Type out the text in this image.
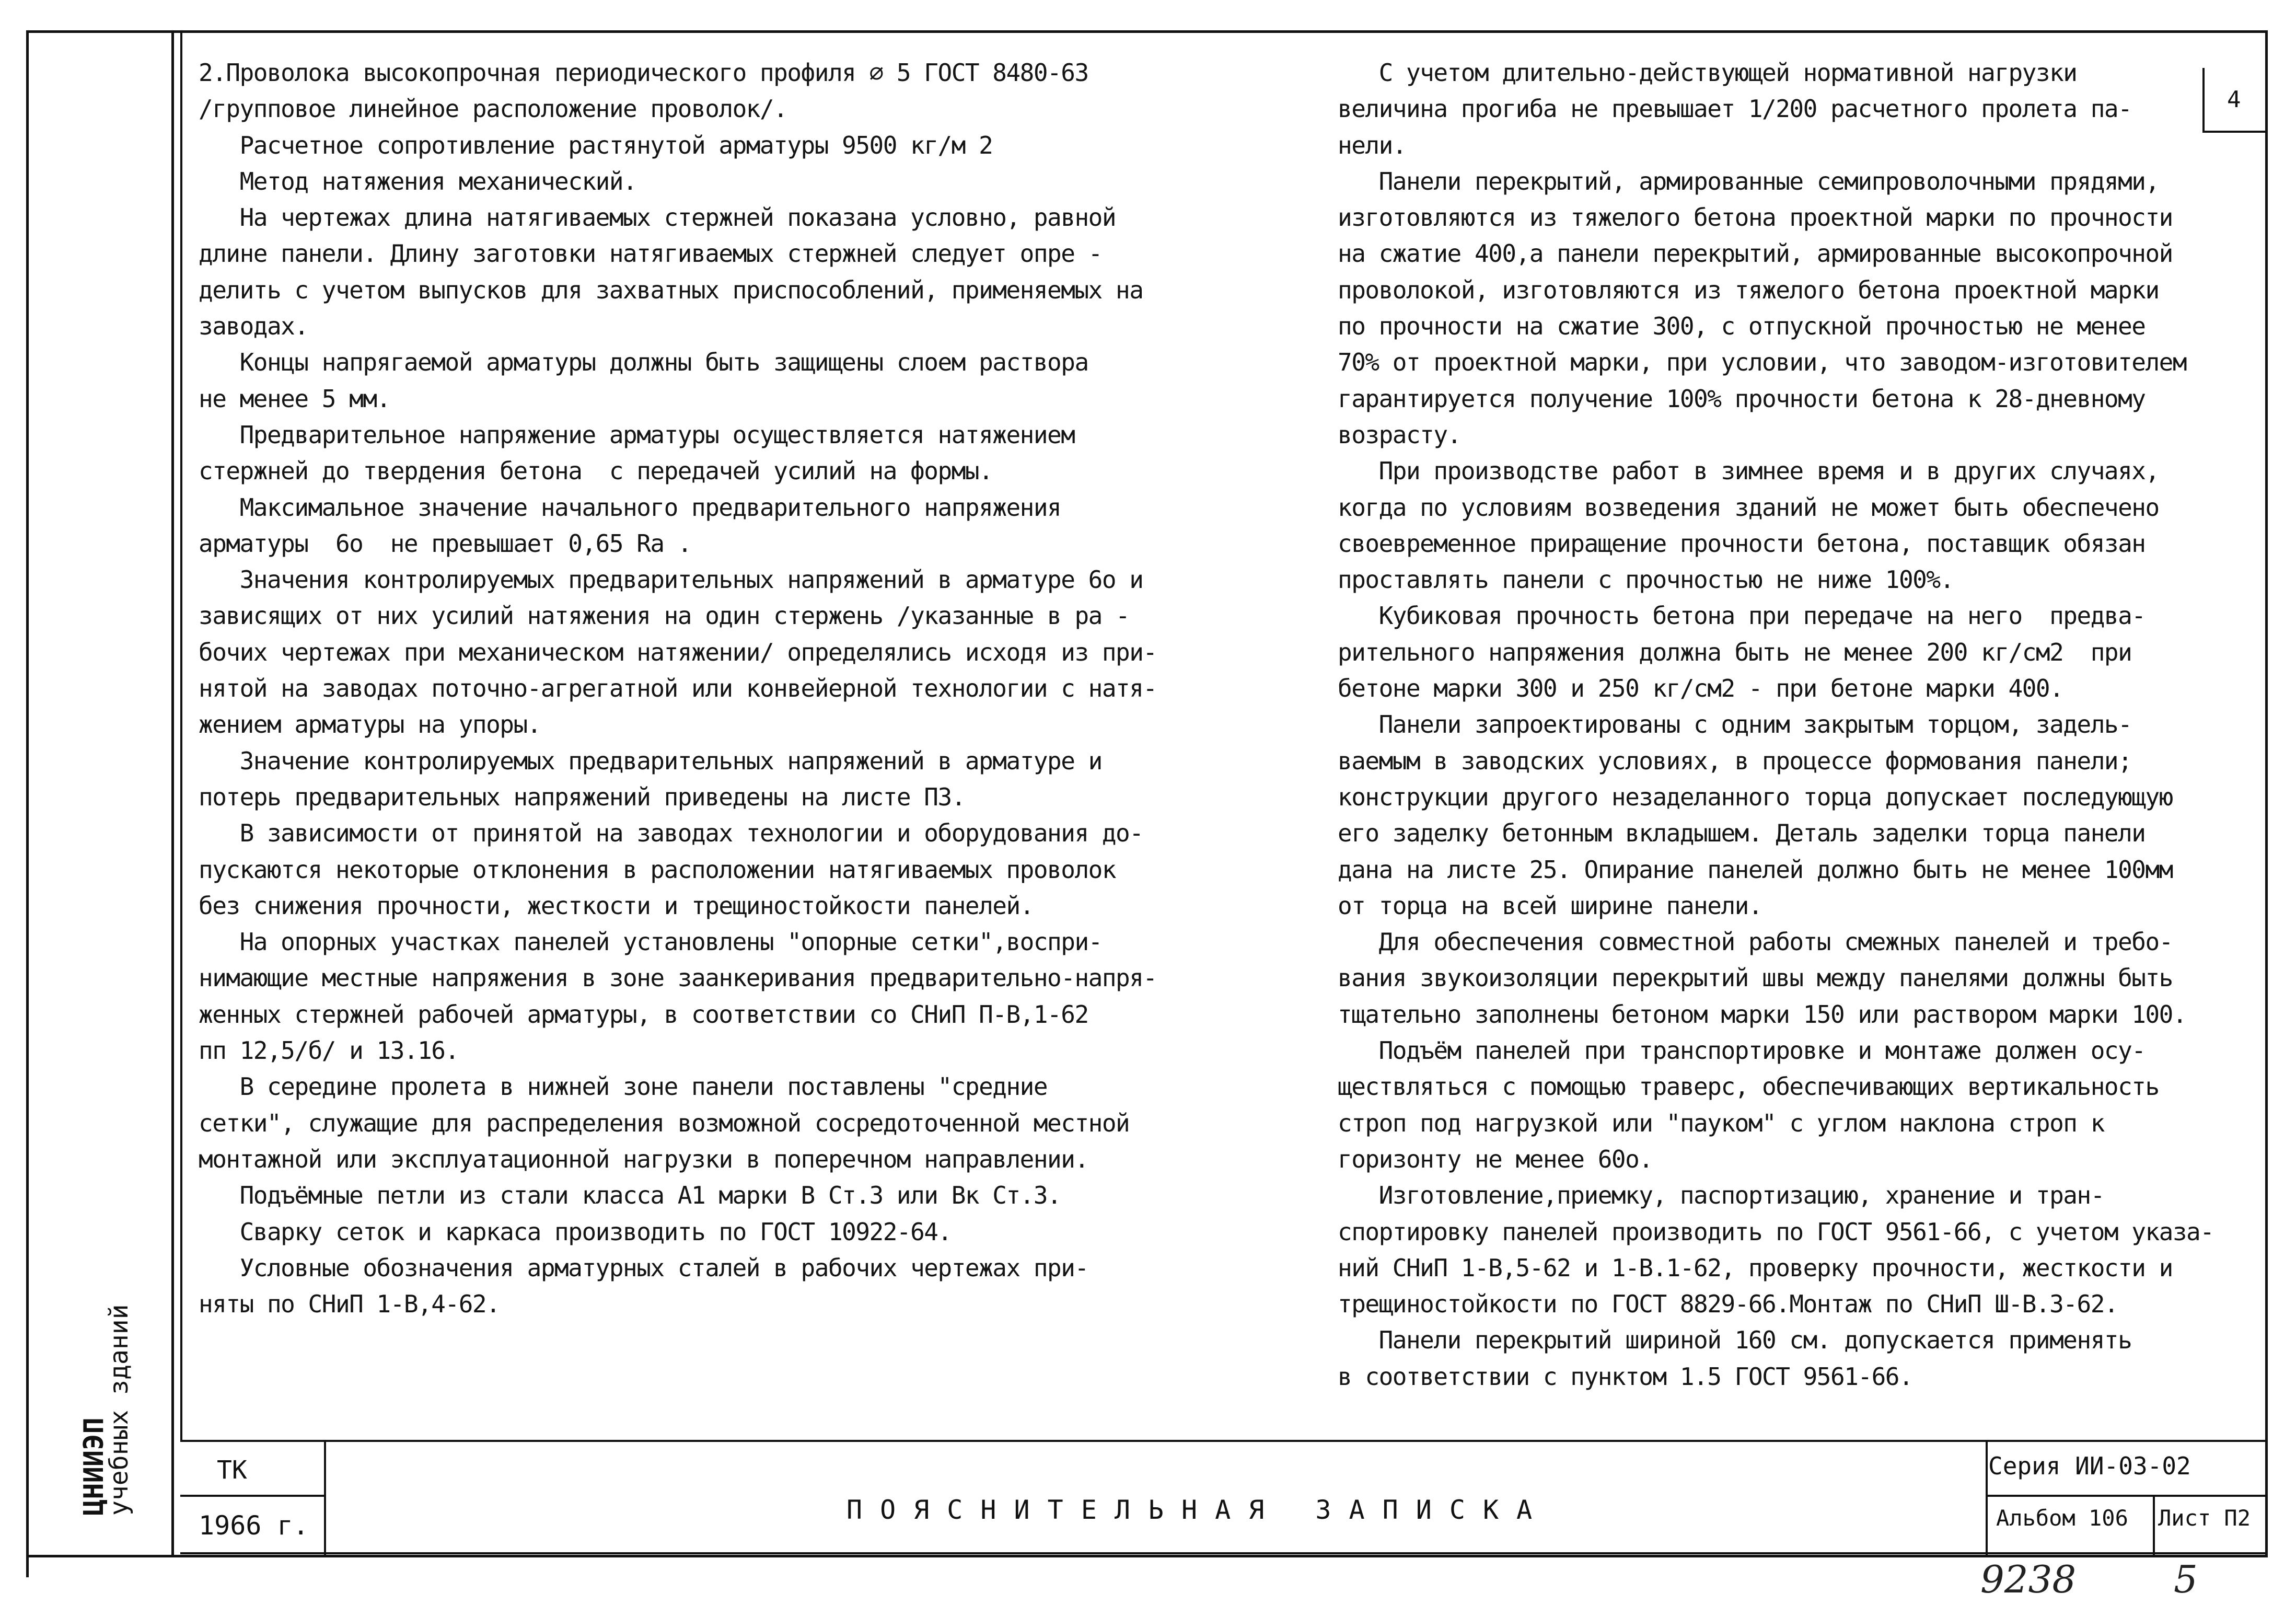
4
2.Проволока высокопрочная периодического профиля ∅ 5 ГОСТ 8480-63
/групповое линейное расположение проволок/.
Расчетное сопротивление растянутой арматуры 9500 кг/м 2
Метод натяжения механический.
На чертежах длина натягиваемых стержней показана условно, равной
длине панели. Длину заготовки натягиваемых стержней следует опре -
делить с учетом выпусков для захватных приспособлений, применяемых на
заводах.
Концы напрягаемой арматуры должны быть защищены слоем раствора
не менее 5 мм.
Предварительное напряжение арматуры осуществляется натяжением
стержней до твердения бетона  с передачей усилий на формы.
Максимальное значение начального предварительного напряжения
арматуры  6о  не превышает 0,65 Rа .
Значения контролируемых предварительных напряжений в арматуре 6о и
зависящих от них усилий натяжения на один стержень /указанные в ра -
бочих чертежах при механическом натяжении/ определялись исходя из при-
нятой на заводах поточно-агрегатной или конвейерной технологии с натя-
жением арматуры на упоры.
Значение контролируемых предварительных напряжений в арматуре и
потерь предварительных напряжений приведены на листе П3.
В зависимости от принятой на заводах технологии и оборудования до-
пускаются некоторые отклонения в расположении натягиваемых проволок
без снижения прочности, жесткости и трещиностойкости панелей.
На опорных участках панелей установлены "опорные сетки",воспри-
нимающие местные напряжения в зоне заанкеривания предварительно-напря-
женных стержней рабочей арматуры, в соответствии со СНиП П-В,1-62
пп 12,5/б/ и 13.16.
В середине пролета в нижней зоне панели поставлены "средние
сетки", служащие для распределения возможной сосредоточенной местной
монтажной или эксплуатационной нагрузки в поперечном направлении.
Подъёмные петли из стали класса А1 марки В Ст.3 или Вк Ст.3.
Сварку сеток и каркаса производить по ГОСТ 10922-64.
Условные обозначения арматурных сталей в рабочих чертежах при-
няты по СНиП 1-В,4-62.
С учетом длительно-действующей нормативной нагрузки
величина прогиба не превышает 1/200 расчетного пролета па-
нели.
Панели перекрытий, армированные семипроволочными прядями,
изготовляются из тяжелого бетона проектной марки по прочности
на сжатие 400,а панели перекрытий, армированные высокопрочной
проволокой, изготовляются из тяжелого бетона проектной марки
по прочности на сжатие 300, с отпускной прочностью не менее
70% от проектной марки, при условии, что заводом-изготовителем
гарантируется получение 100% прочности бетона к 28-дневному
возрасту.
При производстве работ в зимнее время и в других случаях,
когда по условиям возведения зданий не может быть обеспечено
своевременное приращение прочности бетона, поставщик обязан
проставлять панели с прочностью не ниже 100%.
Кубиковая прочность бетона при передаче на него  предва-
рительного напряжения должна быть не менее 200 кг/см2  при
бетоне марки 300 и 250 кг/см2 - при бетоне марки 400.
Панели запроектированы с одним закрытым торцом, задель-
ваемым в заводских условиях, в процессе формования панели;
конструкции другого незаделанного торца допускает последующую
его заделку бетонным вкладышем. Деталь заделки торца панели
дана на листе 25. Опирание панелей должно быть не менее 100мм
от торца на всей ширине панели.
Для обеспечения совместной работы смежных панелей и требо-
вания звукоизоляции перекрытий швы между панелями должны быть
тщательно заполнены бетоном марки 150 или раствором марки 100.
Подъём панелей при транспортировке и монтаже должен осу-
ществляться с помощью траверс, обеспечивающих вертикальность
строп под нагрузкой или "пауком" с углом наклона строп к
горизонту не менее 60о.
Изготовление,приемку, паспортизацию, хранение и тран-
спортировку панелей производить по ГОСТ 9561-66, с учетом указа-
ний СНиП 1-В,5-62 и 1-В.1-62, проверку прочности, жесткости и
трещиностойкости по ГОСТ 8829-66.Монтаж по СНиП Ш-В.3-62.
Панели перекрытий шириной 160 см. допускается применять
в соответствии с пунктом 1.5 ГОСТ 9561-66.
ТК
1966 г.
ПОЯСНИТЕЛЬНАЯ ЗАПИСКА
Серия ИИ-03-02
Альбом 106 Лист П2
ЦНИИЭП
учебных зданий
9238	5
